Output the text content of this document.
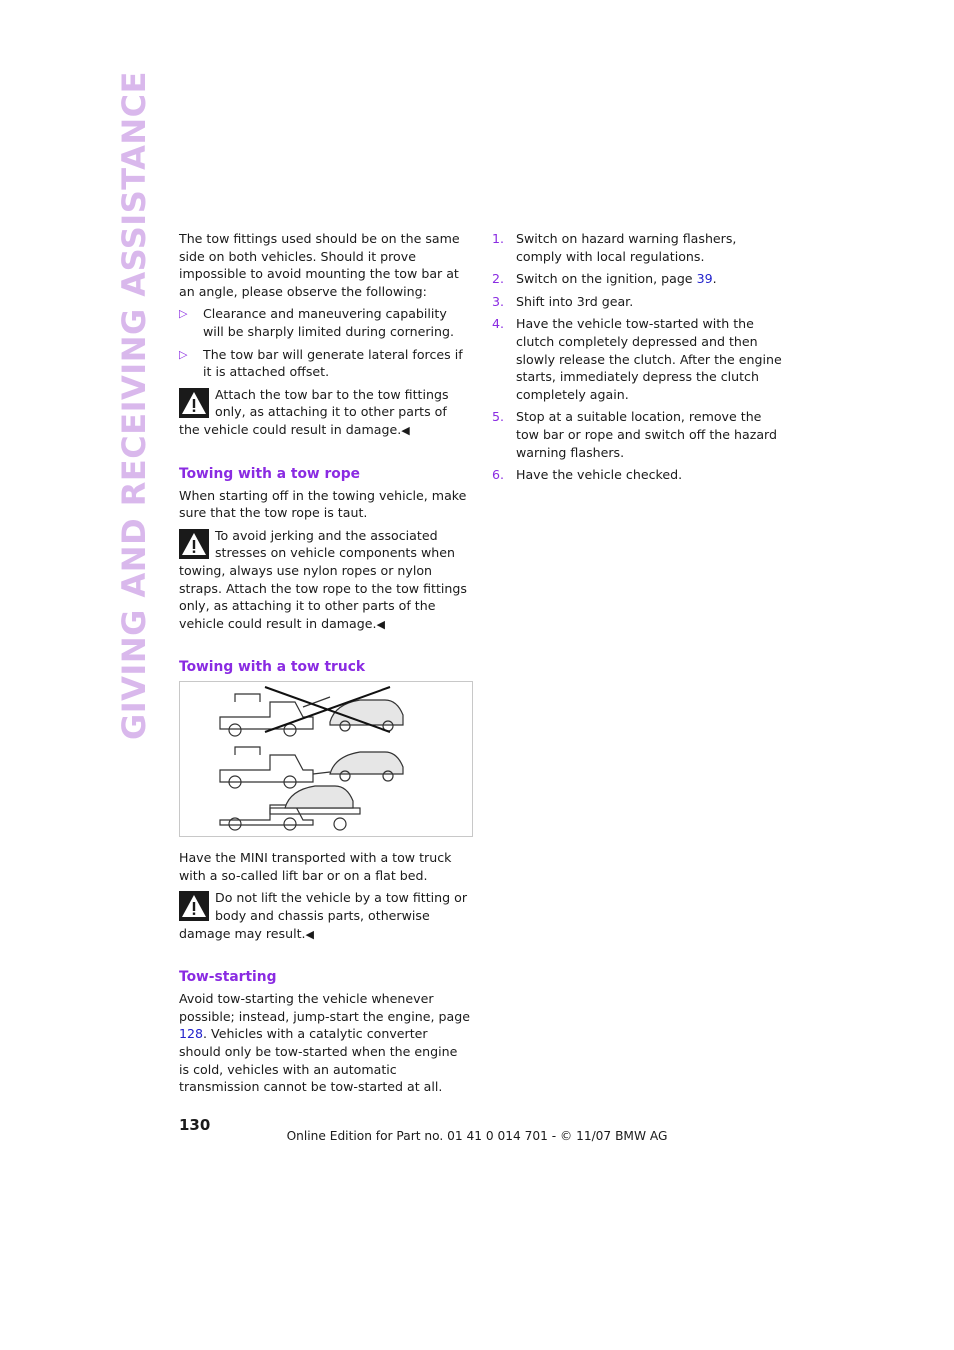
GIVING AND RECEIVING ASSISTANCE The tow fittings used should be on the same side on both vehicles. Should it prove impossible to avoid mounting the tow bar at an angle, please observe the following:

▷ Clearance and maneuvering capability will be sharply limited during cornering.
▷ The tow bar will generate lateral forces if it is attached offset.
Attach the tow bar to the tow fittings only, as attaching it to other parts of the vehicle could result in damage.◀
Towing with a tow rope

When starting off in the towing vehicle, make sure that the tow rope is taut.

To avoid jerking and the associated stresses on vehicle components when towing, always use nylon ropes or nylon straps. Attach the tow rope to the tow fittings only, as attaching it to other parts of the vehicle could result in damage.◀
Towing with a tow truck

Have the MINI transported with a tow truck with a so-called lift bar or on a flat bed.

Do not lift the vehicle by a tow fitting or body and chassis parts, otherwise damage may result.◀
Tow-starting

Avoid tow-starting the vehicle whenever possible; instead, jump-start the engine, page 128. Vehicles with a catalytic converter should only be tow-started when the engine is cold, vehicles with an automatic transmission cannot be tow-started at all.

1. Switch on hazard warning flashers, comply with local regulations.
2. Switch on the ignition, page 39.
3. Shift into 3rd gear.
4. Have the vehicle tow-started with the clutch completely depressed and then slowly release the clutch. After the engine starts, immediately depress the clutch completely again.
5. Stop at a suitable location, remove the tow bar or rope and switch off the hazard warning flashers.
6. Have the vehicle checked.
130
Online Edition for Part no. 01 41 0 014 701 - © 11/07 BMW AG
